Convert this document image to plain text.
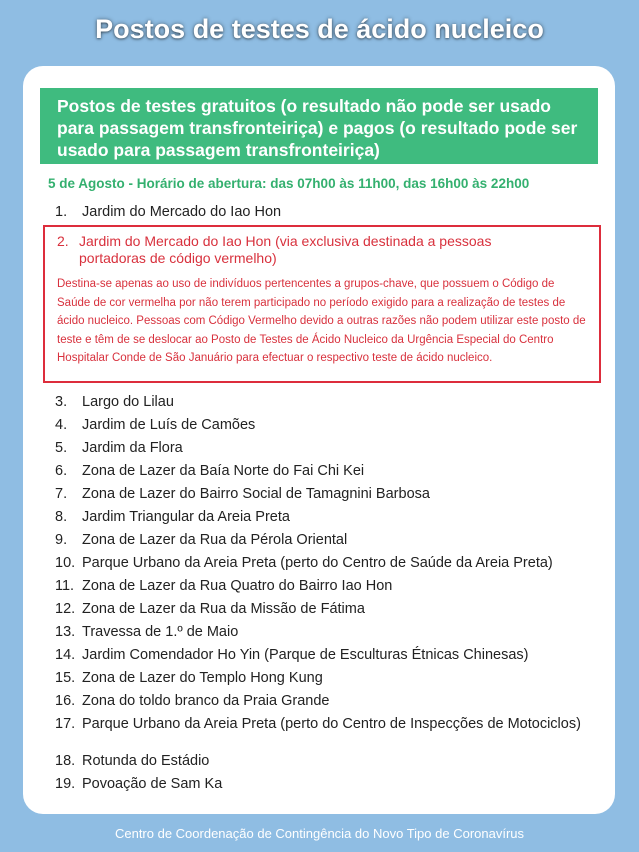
Postos de testes de ácido nucleico
Postos de testes gratuitos (o resultado não pode ser usado para passagem transfronteiriça) e pagos (o resultado pode ser usado para passagem transfronteiriça)
5 de Agosto - Horário de abertura: das 07h00 às 11h00, das 16h00 às 22h00
1.	Jardim do Mercado do Iao Hon
2. Jardim do Mercado do Iao Hon (via exclusiva destinada a pessoas portadoras de código vermelho)
Destina-se apenas ao uso de indivíduos pertencentes a grupos-chave, que possuem o Código de Saúde de cor vermelha por não terem participado no período exigido para a realização de testes de ácido nucleico. Pessoas com Código Vermelho devido a outras razões não podem utilizar este posto de teste e têm de se deslocar ao Posto de Testes de Ácido Nucleico da Urgência Especial do Centro Hospitalar Conde de São Januário para efectuar o respectivo teste de ácido nucleico.
3.	Largo do Lilau
4.	Jardim de Luís de Camões
5.	Jardim da Flora
6.	Zona de Lazer da Baía Norte do Fai Chi Kei
7.	Zona de Lazer do Bairro Social de Tamagnini Barbosa
8.	Jardim Triangular da Areia Preta
9.	Zona de Lazer da Rua da Pérola Oriental
10. Parque Urbano da Areia Preta (perto do Centro de Saúde da Areia Preta)
11. Zona de Lazer da Rua Quatro do Bairro Iao Hon
12. Zona de Lazer da Rua da Missão de Fátima
13. Travessa de 1.º de Maio
14. Jardim Comendador Ho Yin (Parque de Esculturas Étnicas Chinesas)
15. Zona de Lazer do Templo Hong Kung
16. Zona do toldo branco da Praia Grande
17. Parque Urbano da Areia Preta (perto do Centro de Inspecções de Motociclos)
18. Rotunda do Estádio
19. Povoação de Sam Ka
Centro de Coordenação de Contingência do Novo Tipo de Coronavírus
